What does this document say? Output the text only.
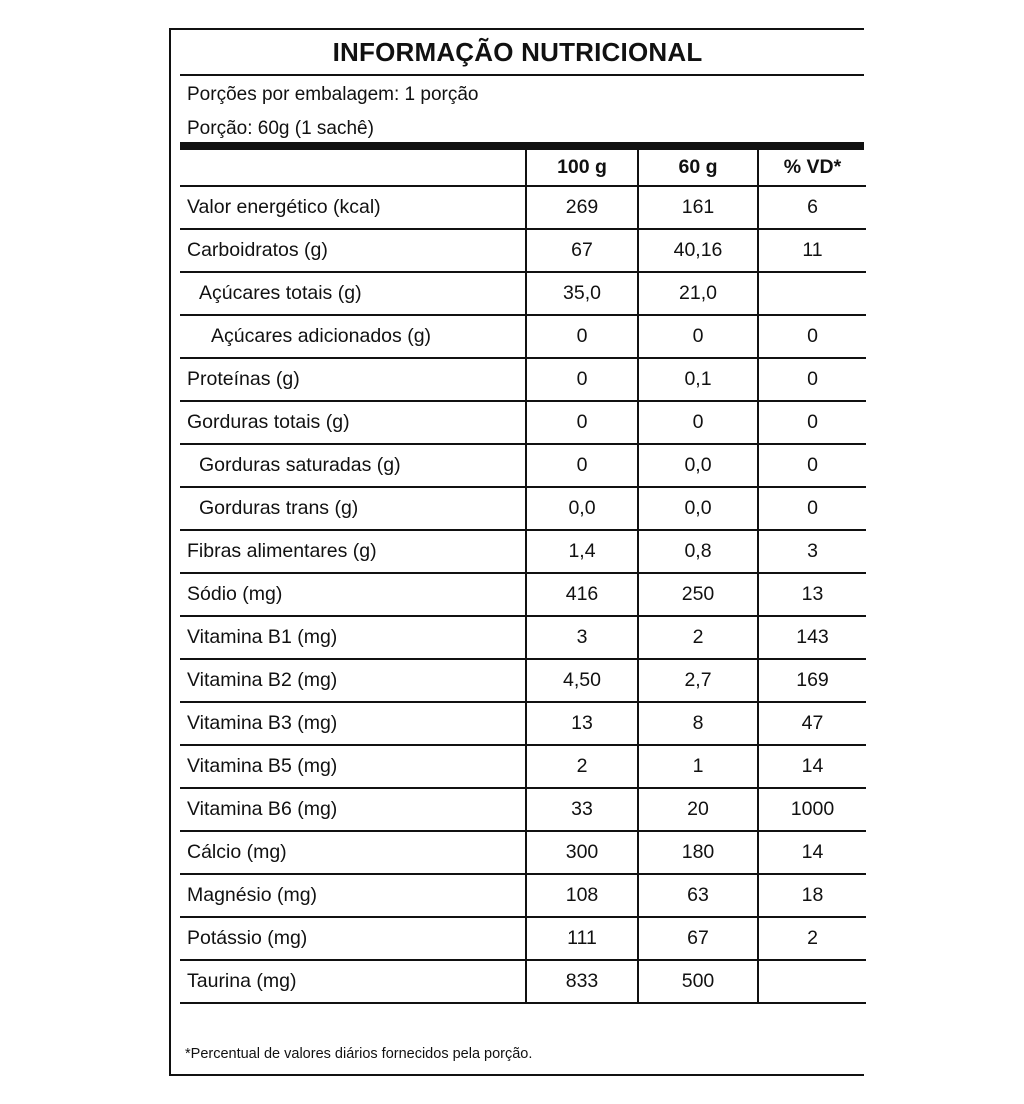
INFORMAÇÃO NUTRICIONAL
Porções por embalagem: 1 porção
Porção: 60g (1 sachê)
	100 g	60 g	% VD*
Valor energético (kcal)	269	161	6
Carboidratos (g)	67	40,16	11
Açúcares totais (g)	35,0	21,0	
Açúcares adicionados (g)	0	0	0
Proteínas (g)	0	0,1	0
Gorduras totais (g)	0	0	0
Gorduras saturadas (g)	0	0,0	0
Gorduras trans (g)	0,0	0,0	0
Fibras alimentares (g)	1,4	0,8	3
Sódio (mg)	416	250	13
Vitamina B1 (mg)	3	2	143
Vitamina B2 (mg)	4,50	2,7	169
Vitamina B3 (mg)	13	8	47
Vitamina B5 (mg)	2	1	14
Vitamina B6 (mg)	33	20	1000
Cálcio (mg)	300	180	14
Magnésio (mg)	108	63	18
Potássio (mg)	111	67	2
Taurina (mg)	833	500	
*Percentual de valores diários fornecidos pela porção.
